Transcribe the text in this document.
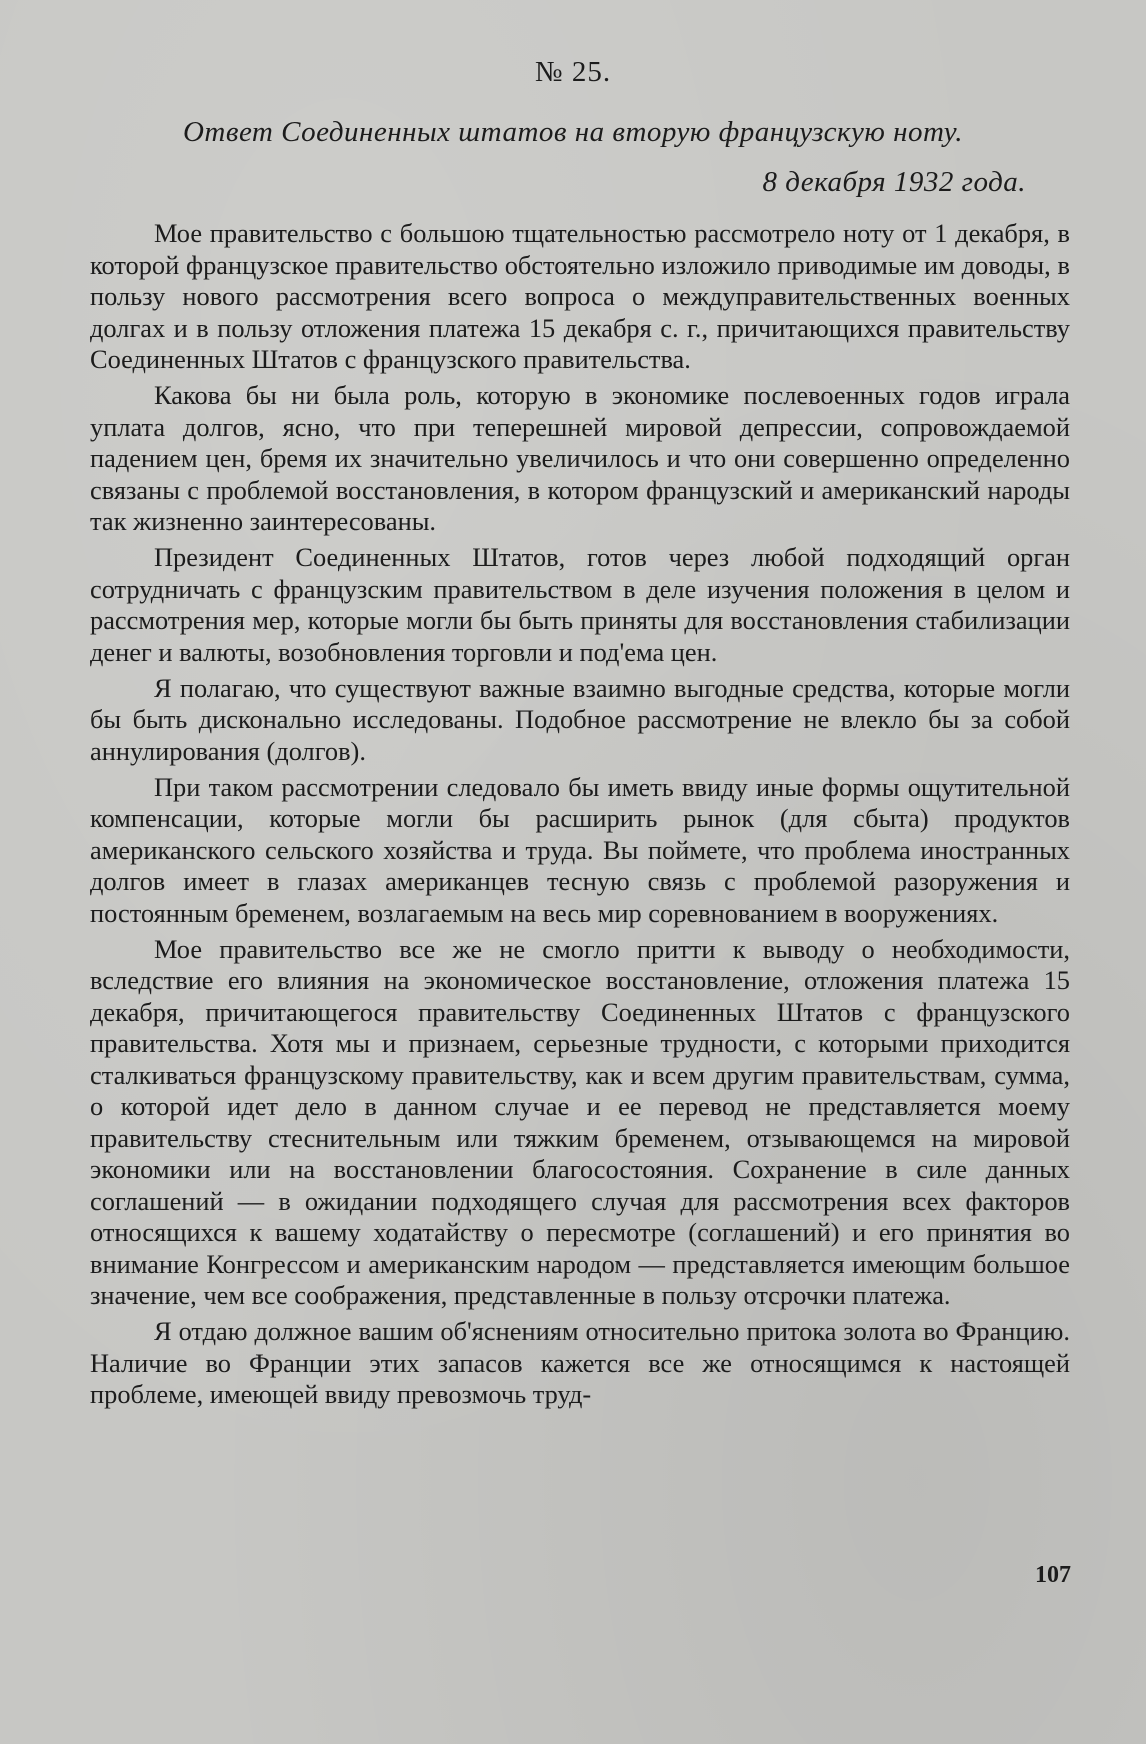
№ 25.
Ответ Соединенных штатов на вторую французскую ноту.
8 декабря 1932 года.

Мое правительство с большою тщательностью рассмотрело ноту от 1 декабря, в которой французское правительство обстоятельно изложило приводимые им доводы, в пользу нового рассмотрения всего вопроса о междуправительственных военных долгах и в пользу отложения платежа 15 декабря с. г., причитающихся правительству Соединенных Штатов с французского правительства.

Какова бы ни была роль, которую в экономике послевоенных годов играла уплата долгов, ясно, что при теперешней мировой депрессии, сопровождаемой падением цен, бремя их значительно увеличилось и что они совершенно определенно связаны с проблемой восстановления, в котором французский и американский народы так жизненно заинтересованы.

Президент Соединенных Штатов, готов через любой подходящий орган сотрудничать с французским правительством в деле изучения положения в целом и рассмотрения мер, которые могли бы быть приняты для восстановления стабилизации денег и валюты, возобновления торговли и под'ема цен.

Я полагаю, что существуют важные взаимно выгодные средства, которые могли бы быть дисконально исследованы. Подобное рассмотрение не влекло бы за собой аннулирования (долгов).

При таком рассмотрении следовало бы иметь ввиду иные формы ощутительной компенсации, которые могли бы расширить рынок (для сбыта) продуктов американского сельского хозяйства и труда. Вы поймете, что проблема иностранных долгов имеет в глазах американцев тесную связь с проблемой разоружения и постоянным бременем, возлагаемым на весь мир соревнованием в вооружениях.

Мое правительство все же не смогло притти к выводу о необходимости, вследствие его влияния на экономическое восстановление, отложения платежа 15 декабря, причитающегося правительству Соединенных Штатов с французского правительства. Хотя мы и признаем, серьезные трудности, с которыми приходится сталкиваться французскому правительству, как и всем другим правительствам, сумма, о которой идет дело в данном случае и ее перевод не представляется моему правительству стеснительным или тяжким бременем, отзывающемся на мировой экономики или на восстановлении благосостояния. Сохранение в силе данных соглашений — в ожидании подходящего случая для рассмотрения всех факторов относящихся к вашему ходатайству о пересмотре (соглашений) и его принятия во внимание Конгрессом и американским народом — представляется имеющим большое значение, чем все соображения, представленные в пользу отсрочки платежа.

Я отдаю должное вашим об'яснениям относительно притока золота во Францию. Наличие во Франции этих запасов кажется все же относящимся к настоящей проблеме, имеющей ввиду превозмочь труд-

107
